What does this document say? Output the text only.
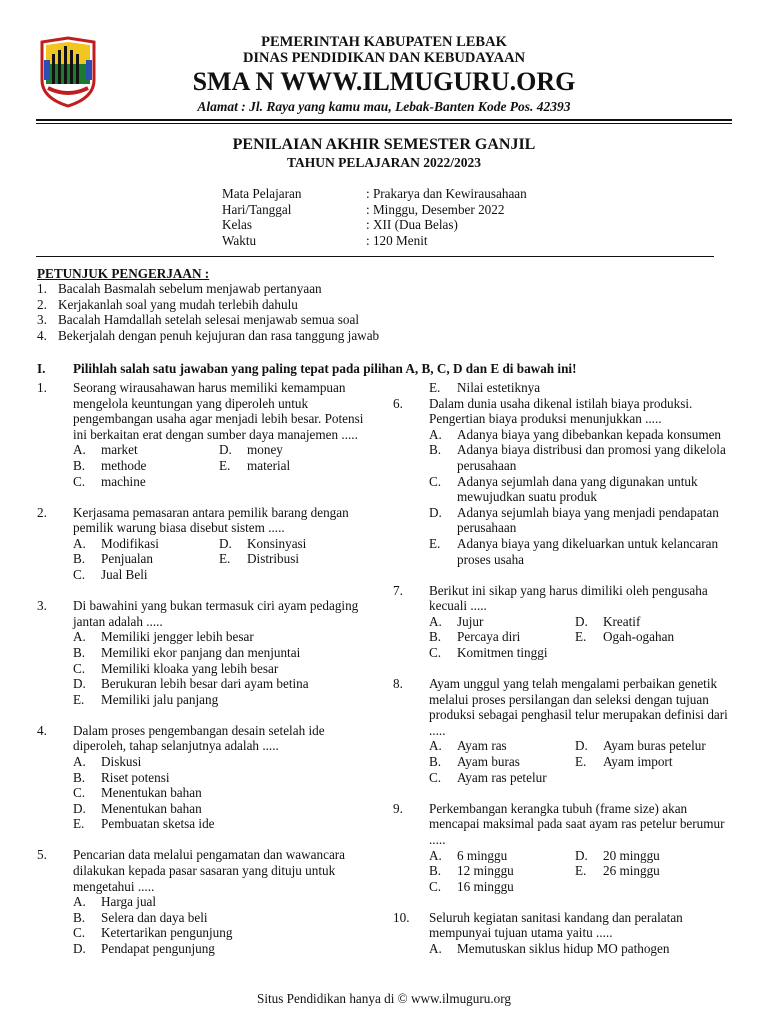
PEMERINTAH KABUPATEN LEBAK
DINAS PENDIDIKAN DAN KEBUDAYAAN
SMA N WWW.ILMUGURU.ORG
Alamat : Jl. Raya yang kamu mau, Lebak-Banten Kode Pos. 42393
PENILAIAN AKHIR SEMESTER GANJIL
TAHUN PELAJARAN 2022/2023
Mata Pelajaran	: Prakarya dan Kewirausahaan
Hari/Tanggal	: Minggu, Desember 2022
Kelas	: XII (Dua Belas)
Waktu	: 120 Menit
PETUNJUK PENGERJAAN :
1. Bacalah Basmalah sebelum menjawab pertanyaan
2. Kerjakanlah soal yang mudah terlebih dahulu
3. Bacalah Hamdallah setelah selesai menjawab semua soal
4. Bekerjalah dengan penuh kejujuran dan rasa tanggung jawab
I.	Pilihlah salah satu jawaban yang paling tepat pada pilihan A, B, C, D dan E di bawah ini!
1.	Seorang wirausahawan harus memiliki kemampuan mengelola keuntungan yang diperoleh untuk pengembangan usaha agar menjadi lebih besar. Potensi ini berkaitan erat dengan sumber daya manajemen .....
A.	market	D.	money
B.	methode	E.	material
C.	machine
2.	Kerjasama pemasaran antara pemilik barang dengan pemilik warung biasa disebut sistem .....
A.	Modifikasi	D.	Konsinyasi
B.	Penjualan	E.	Distribusi
C.	Jual Beli
3.	Di bawahini yang bukan termasuk ciri ayam pedaging jantan adalah .....
A.	Memiliki jengger lebih besar
B.	Memiliki ekor panjang dan menjuntai
C.	Memiliki kloaka yang lebih besar
D.	Berukuran lebih besar dari ayam betina
E.	Memiliki jalu panjang
4.	Dalam proses pengembangan desain setelah ide diperoleh, tahap selanjutnya adalah .....
A.	Diskusi
B.	Riset potensi
C.	Menentukan bahan
D.	Menentukan bahan
E.	Pembuatan sketsa ide
5.	Pencarian data melalui pengamatan dan wawancara dilakukan kepada pasar sasaran yang dituju untuk mengetahui .....
A.	Harga jual
B.	Selera dan daya beli
C.	Ketertarikan pengunjung
D.	Pendapat pengunjung
E.	Nilai estetiknya
6.	Dalam dunia usaha dikenal istilah biaya produksi. Pengertian biaya produksi menunjukkan .....
A.	Adanya biaya yang dibebankan kepada konsumen
B.	Adanya biaya distribusi dan promosi yang dikelola perusahaan
C.	Adanya sejumlah dana yang digunakan untuk mewujudkan suatu produk
D.	Adanya sejumlah biaya yang menjadi pendapatan perusahaan
E.	Adanya biaya yang dikeluarkan untuk kelancaran proses usaha
7.	Berikut ini sikap yang harus dimiliki oleh pengusaha kecuali .....
A.	Jujur	D.	Kreatif
B.	Percaya diri	E.	Ogah-ogahan
C.	Komitmen tinggi
8.	Ayam unggul yang telah mengalami perbaikan genetik melalui proses persilangan dan seleksi dengan tujuan produksi sebagai penghasil telur merupakan definisi dari .....
A.	Ayam ras	D.	Ayam buras petelur
B.	Ayam buras	E.	Ayam import
C.	Ayam ras petelur
9.	Perkembangan kerangka tubuh (frame size) akan mencapai maksimal pada saat ayam ras petelur berumur .....
A.	6 minggu	D.	20 minggu
B.	12 minggu	E.	26 minggu
C.	16 minggu
10.	Seluruh kegiatan sanitasi kandang dan peralatan mempunyai tujuan utama yaitu .....
A.	Memutuskan siklus hidup MO pathogen
Situs Pendidikan hanya di © www.ilmuguru.org
